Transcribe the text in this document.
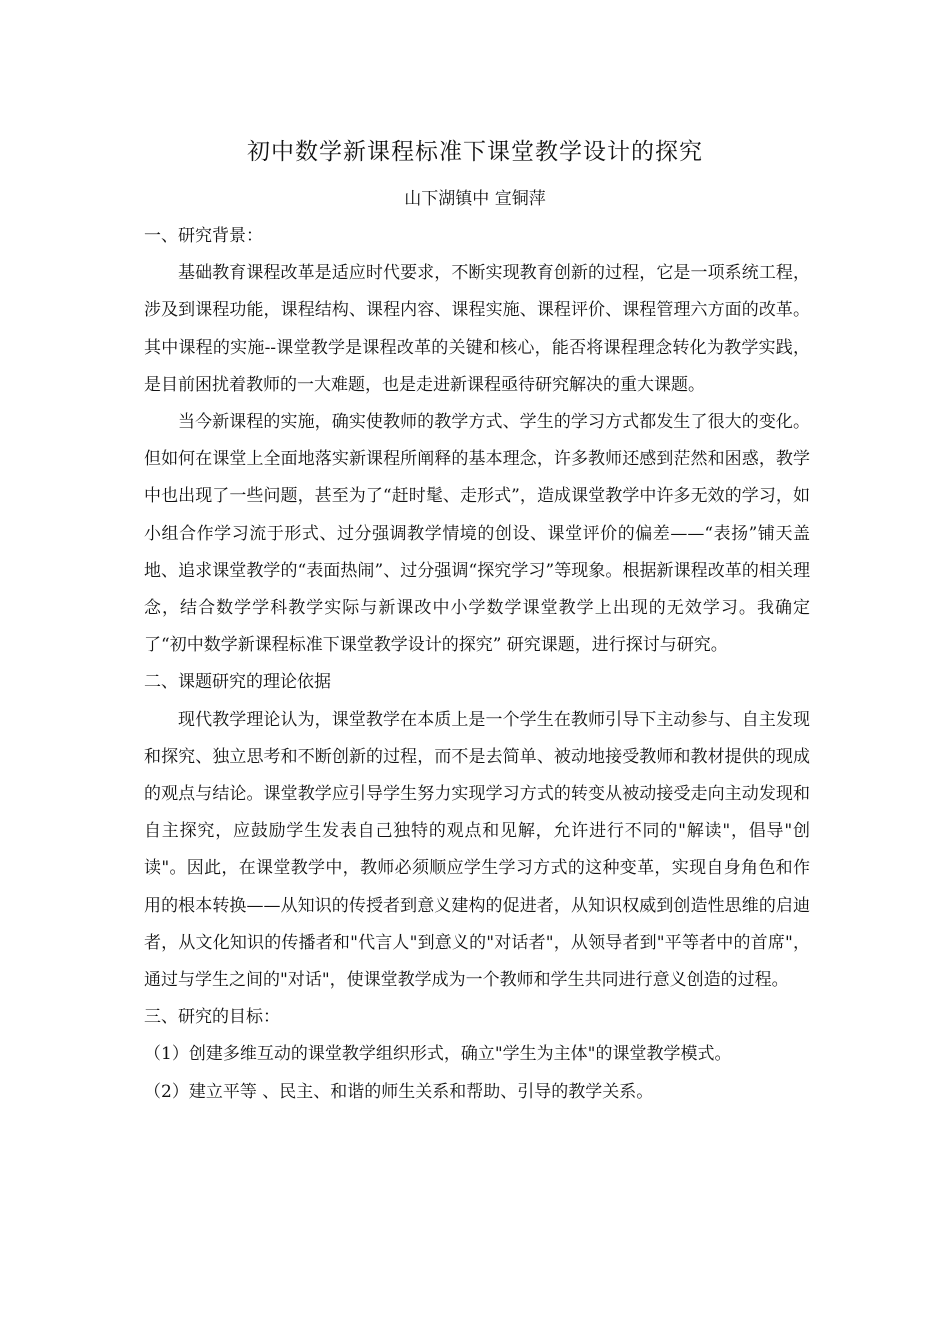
初中数学新课程标准下课堂教学设计的探究
山下湖镇中 宣铜萍

一、研究背景：

基础教育课程改革是适应时代要求，不断实现教育创新的过程，它是一项系统工程，涉及到课程功能，课程结构、课程内容、课程实施、课程评价、课程管理六方面的改革。其中课程的实施--课堂教学是课程改革的关键和核心，能否将课程理念转化为教学实践，是目前困扰着教师的一大难题，也是走进新课程亟待研究解决的重大课题。

当今新课程的实施，确实使教师的教学方式、学生的学习方式都发生了很大的变化。但如何在课堂上全面地落实新课程所阐释的基本理念，许多教师还感到茫然和困惑，教学中也出现了一些问题，甚至为了“赶时髦、走形式”，造成课堂教学中许多无效的学习，如小组合作学习流于形式、过分强调教学情境的创设、课堂评价的偏差——“表扬”铺天盖地、追求课堂教学的“表面热闹”、过分强调“探究学习”等现象。根据新课程改革的相关理念，结合数学学科教学实际与新课改中小学数学课堂教学上出现的无效学习。我确定了“初中数学新课程标准下课堂教学设计的探究” 研究课题，进行探讨与研究。

二、课题研究的理论依据

现代教学理论认为，课堂教学在本质上是一个学生在教师引导下主动参与、自主发现和探究、独立思考和不断创新的过程，而不是去简单、被动地接受教师和教材提供的现成的观点与结论。课堂教学应引导学生努力实现学习方式的转变从被动接受走向主动发现和自主探究，应鼓励学生发表自己独特的观点和见解，允许进行不同的"解读"，倡导"创读"。因此，在课堂教学中，教师必须顺应学生学习方式的这种变革，实现自身角色和作用的根本转换——从知识的传授者到意义建构的促进者，从知识权威到创造性思维的启迪者，从文化知识的传播者和"代言人"到意义的"对话者"，从领导者到"平等者中的首席"，通过与学生之间的"对话"，使课堂教学成为一个教师和学生共同进行意义创造的过程。

三、研究的目标：

（1）创建多维互动的课堂教学组织形式，确立"学生为主体"的课堂教学模式。

（2）建立平等 、民主、和谐的师生关系和帮助、引导的教学关系。
